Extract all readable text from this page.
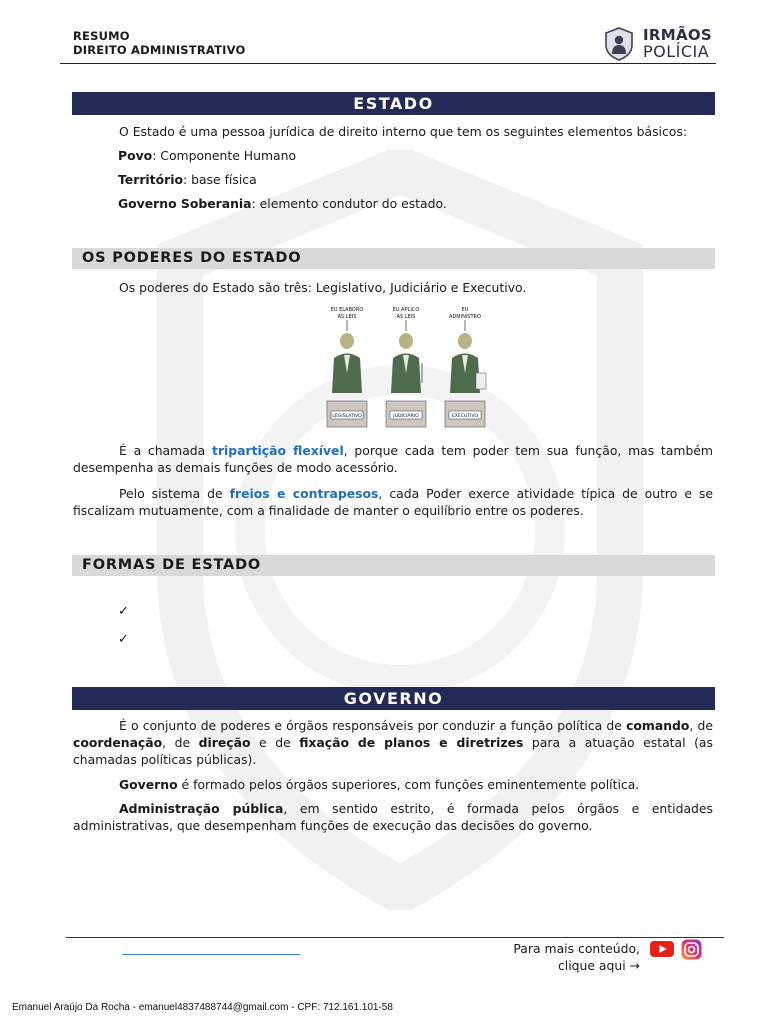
RESUMO
DIREITO ADMINISTRATIVO
IRMÃOS
POLÍCIA
ESTADO
O Estado é uma pessoa jurídica de direito interno que tem os seguintes elementos básicos:
Povo: Componente Humano
Território: base física
Governo Soberania: elemento condutor do estado.
OS PODERES DO ESTADO
Os poderes do Estado são três: Legislativo, Judiciário e Executivo.
EU ELABORO
AS LEIS
EU APLICO
AS LEIS
EU
ADMINISTRO
LEGISLATIVO	JUDICIÁRIO	EXECUTIVO
É a chamada tripartição flexível, porque cada tem poder tem sua função, mas também desempenha as demais funções de modo acessório.
Pelo sistema de freios e contrapesos, cada Poder exerce atividade típica de outro e se fiscalizam mutuamente, com a finalidade de manter o equilíbrio entre os poderes.
FORMAS DE ESTADO
✓
✓
GOVERNO
É o conjunto de poderes e órgãos responsáveis por conduzir a função política de comando, de coordenação, de direção e de fixação de planos e diretrizes para a atuação estatal (as chamadas políticas públicas).
Governo é formado pelos órgãos superiores, com funções eminentemente política.
Administração pública, em sentido estrito, é formada pelos órgãos e entidades administrativas, que desempenham funções de execução das decisões do governo.
Para mais conteúdo,
clique aqui →
Emanuel Araújo Da Rocha - emanuel4837488744@gmail.com - CPF: 712.161.101-58
